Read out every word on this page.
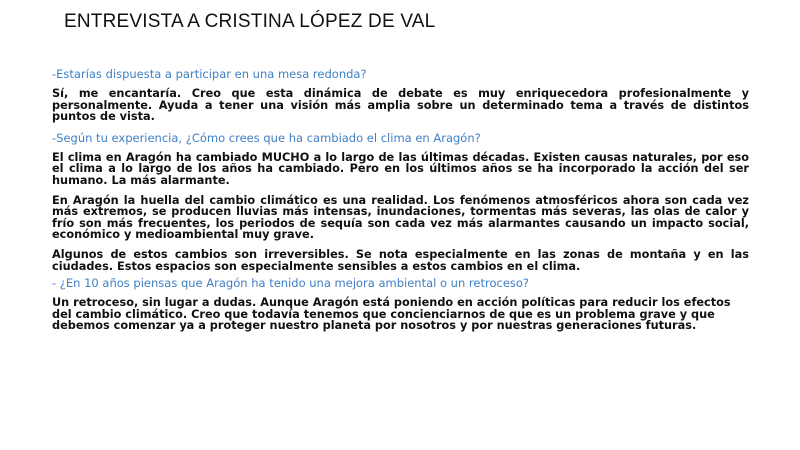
ENTREVISTA A CRISTINA LÓPEZ DE VAL
-Estarías dispuesta a participar en una mesa redonda?
Sí, me encantaría. Creo que esta dinámica de debate es muy enriquecedora profesionalmente y personalmente. Ayuda a tener una visión más amplia sobre un determinado tema a través de distintos puntos de vista.
-Según tu experiencia, ¿Cómo crees que ha cambiado el clima en Aragón?
El clima en Aragón ha cambiado MUCHO a lo largo de las últimas décadas. Existen causas naturales, por eso el clima a lo largo de los años ha cambiado. Pero en los últimos años se ha incorporado la acción del ser humano. La más alarmante.
En Aragón la huella del cambio climático es una realidad. Los fenómenos atmosféricos ahora son cada vez más extremos, se producen lluvias más intensas, inundaciones, tormentas más severas, las olas de calor y frío son más frecuentes, los periodos de sequía son cada vez más alarmantes causando un impacto social, económico y medioambiental muy grave.
Algunos de estos cambios son irreversibles. Se nota especialmente en las zonas de montaña y en las ciudades. Estos espacios son especialmente sensibles a estos cambios en el clima.
- ¿En 10 años piensas que Aragón ha tenido una mejora ambiental o un retroceso?
Un retroceso, sin lugar a dudas. Aunque Aragón está poniendo en acción políticas para reducir los efectos del cambio climático. Creo que todavía tenemos que concienciarnos de que es un problema grave y que debemos comenzar ya a proteger nuestro planeta por nosotros y por nuestras generaciones futuras.
